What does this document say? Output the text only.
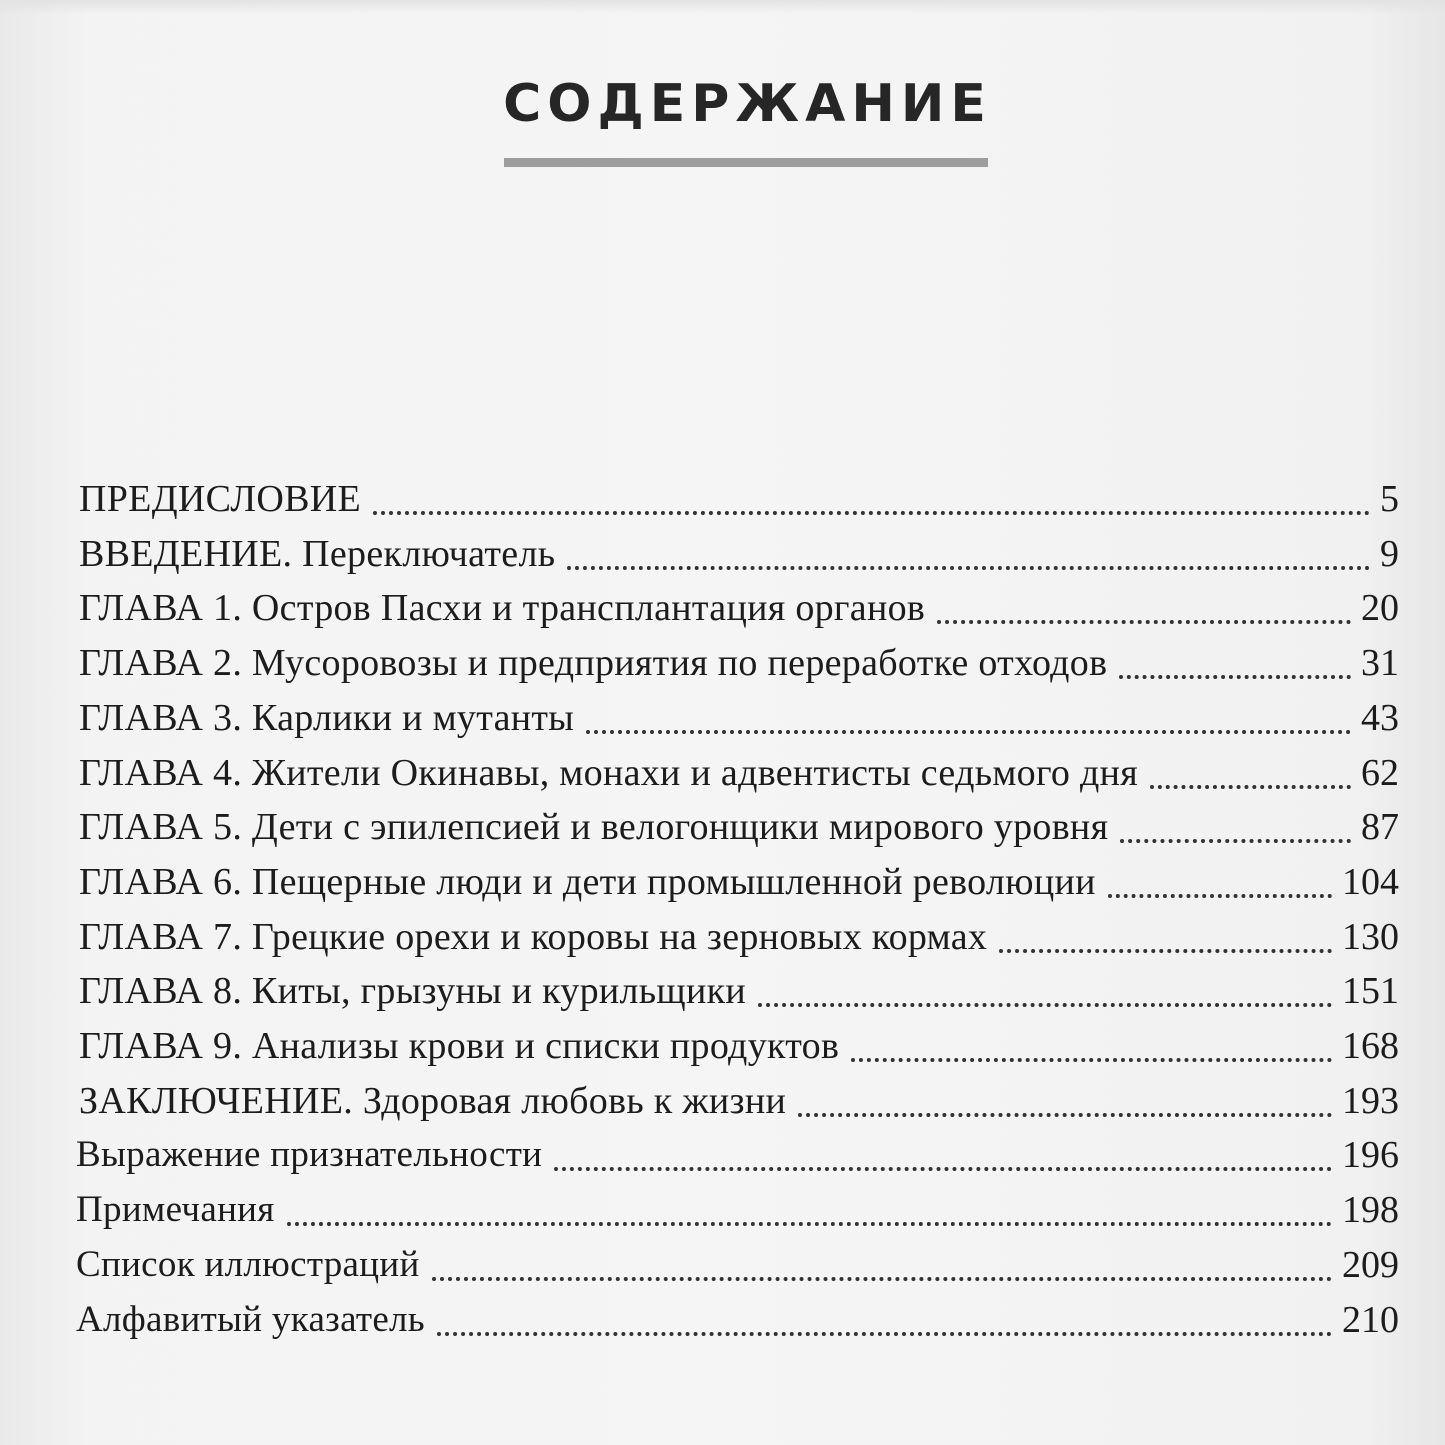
СОДЕРЖАНИЕ
ПРЕДИСЛОВИЕ	5
ВВЕДЕНИЕ. Переключатель	9
ГЛАВА 1. Остров Пасхи и трансплантация органов	20
ГЛАВА 2. Мусоровозы и предприятия по переработке отходов	31
ГЛАВА 3. Карлики и мутанты	43
ГЛАВА 4. Жители Окинавы, монахи и адвентисты седьмого дня	62
ГЛАВА 5. Дети с эпилепсией и велогонщики мирового уровня	87
ГЛАВА 6. Пещерные люди и дети промышленной революции	104
ГЛАВА 7. Грецкие орехи и коровы на зерновых кормах	130
ГЛАВА 8. Киты, грызуны и курильщики	151
ГЛАВА 9. Анализы крови и списки продуктов	168
ЗАКЛЮЧЕНИЕ. Здоровая любовь к жизни	193
Выражение признательности	196
Примечания	198
Список иллюстраций	209
Алфавитый указатель	210
